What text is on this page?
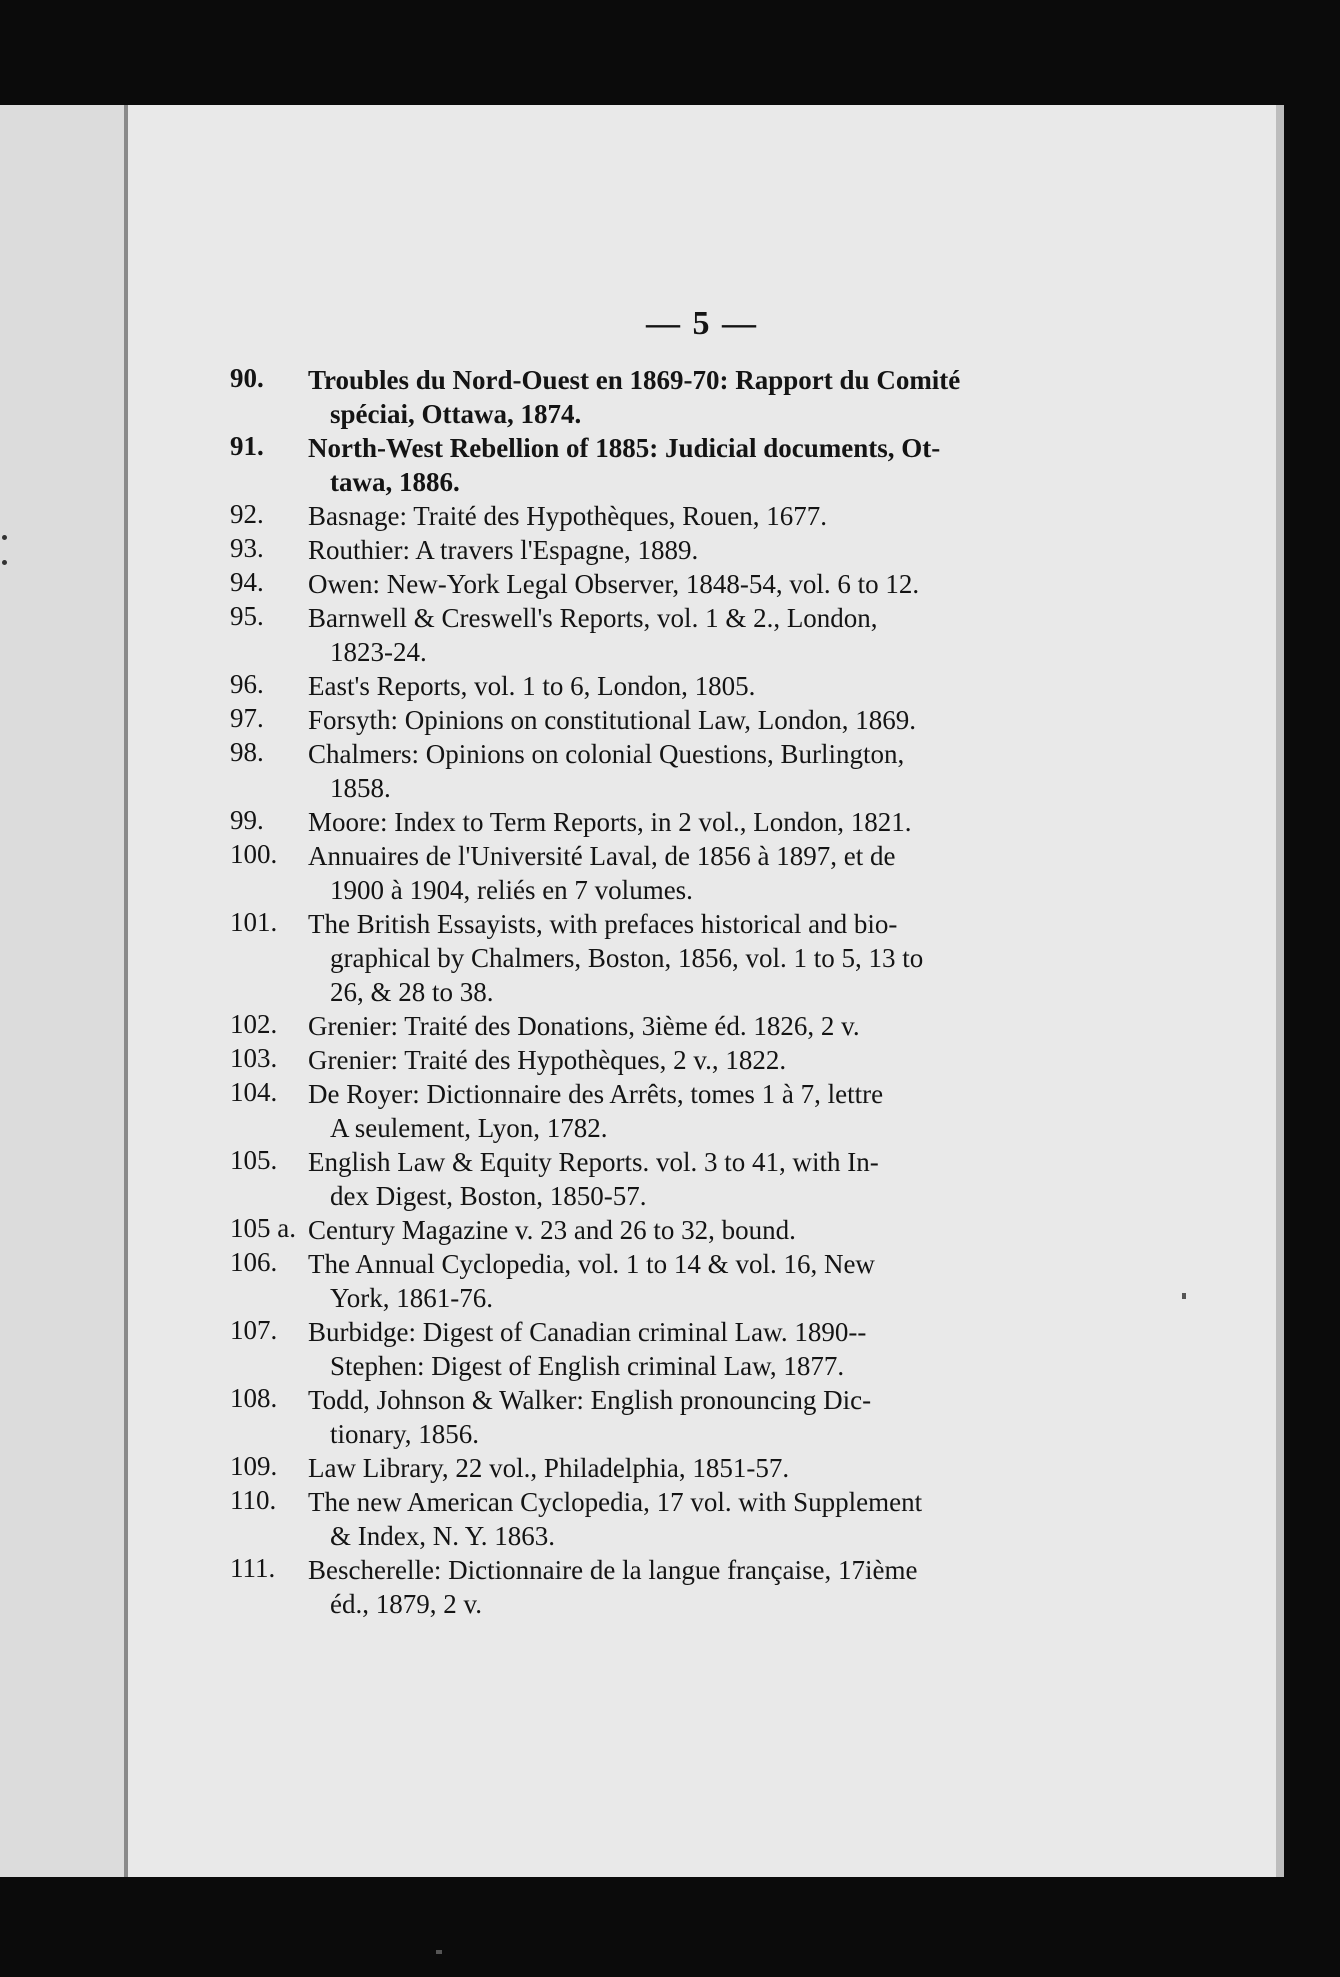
— 5 —
90. Troubles du Nord-Ouest en 1869-70: Rapport du Comité
spéciai, Ottawa, 1874.
91. North-West Rebellion of 1885: Judicial documents, Ot-
tawa, 1886.
92. Basnage: Traité des Hypothèques, Rouen, 1677.
93. Routhier: A travers l'Espagne, 1889.
94. Owen: New-York Legal Observer, 1848-54, vol. 6 to 12.
95. Barnwell & Creswell's Reports, vol. 1 & 2., London,
1823-24.
96. East's Reports, vol. 1 to 6, London, 1805.
97. Forsyth: Opinions on constitutional Law, London, 1869.
98. Chalmers: Opinions on colonial Questions, Burlington,
1858.
99. Moore: Index to Term Reports, in 2 vol., London, 1821.
100. Annuaires de l'Université Laval, de 1856 à 1897, et de
1900 à 1904, reliés en 7 volumes.
101. The British Essayists, with prefaces historical and bio-
graphical by Chalmers, Boston, 1856, vol. 1 to 5, 13 to
26, & 28 to 38.
102. Grenier: Traité des Donations, 3ième éd. 1826, 2 v.
103. Grenier: Traité des Hypothèques, 2 v., 1822.
104. De Royer: Dictionnaire des Arrêts, tomes 1 à 7, lettre
A seulement, Lyon, 1782.
105. English Law & Equity Reports. vol. 3 to 41, with In-
dex Digest, Boston, 1850-57.
105 a. Century Magazine v. 23 and 26 to 32, bound.
106. The Annual Cyclopedia, vol. 1 to 14 & vol. 16, New
York, 1861-76.
107. Burbidge: Digest of Canadian criminal Law. 1890--
Stephen: Digest of English criminal Law, 1877.
108. Todd, Johnson & Walker: English pronouncing Dic-
tionary, 1856.
109. Law Library, 22 vol., Philadelphia, 1851-57.
110. The new American Cyclopedia, 17 vol. with Supplement
& Index, N. Y. 1863.
111. Bescherelle: Dictionnaire de la langue française, 17ième
éd., 1879, 2 v.
